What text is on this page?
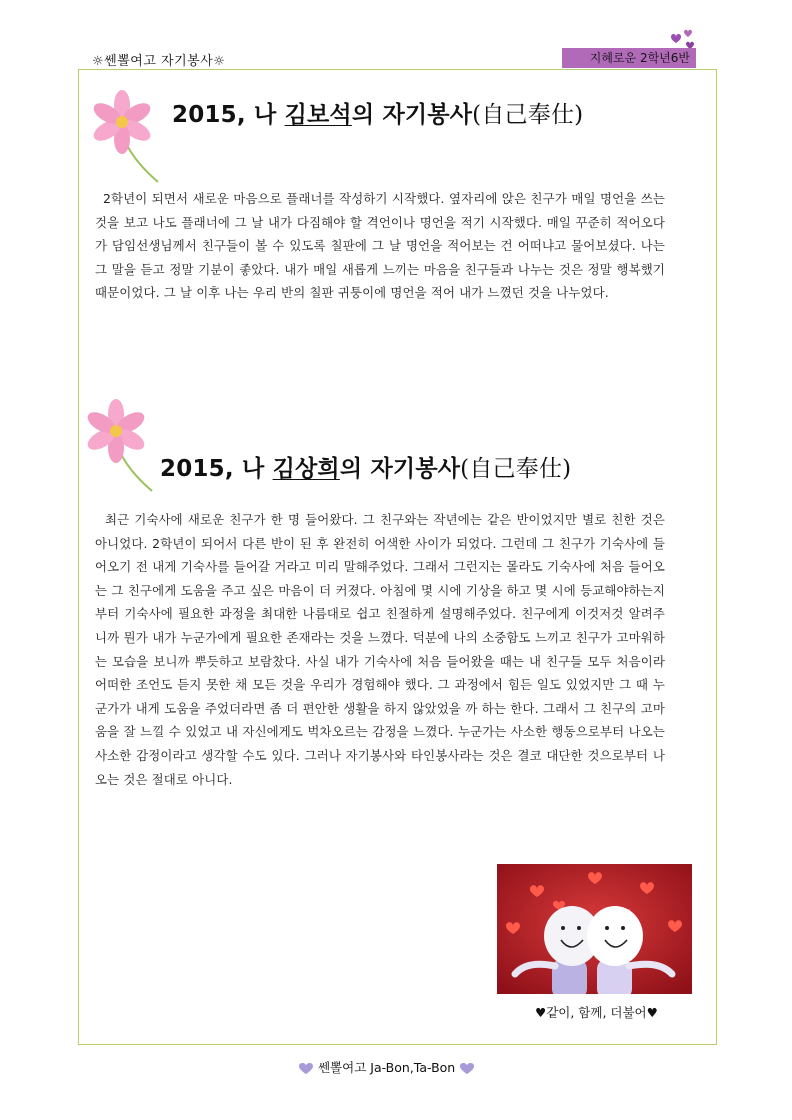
☼쎈뽈여고 자기봉사☼	지혜로운 2학년6반
2015, 나 김보석의 자기봉사(自己奉仕)
2학년이 되면서 새로운 마음으로 플래너를 작성하기 시작했다. 옆자리에 앉은 친구가 매일 명언을 쓰는 것을 보고 나도 플래너에 그 날 내가 다짐해야 할 격언이나 명언을 적기 시작했다. 매일 꾸준히 적어오다가 담임선생님께서 친구들이 볼 수 있도록 칠판에 그 날 명언을 적어보는 건 어떠냐고 물어보셨다. 나는 그 말을 듣고 정말 기분이 좋았다. 내가 매일 새롭게 느끼는 마음을 친구들과 나누는 것은 정말 행복했기 때문이었다. 그 날 이후 나는 우리 반의 칠판 귀퉁이에 명언을 적어 내가 느꼈던 것을 나누었다.
2015, 나 김상희의 자기봉사(自己奉仕)
최근 기숙사에 새로운 친구가 한 명 들어왔다. 그 친구와는 작년에는 같은 반이었지만 별로 친한 것은 아니었다. 2학년이 되어서 다른 반이 된 후 완전히 어색한 사이가 되었다. 그런데 그 친구가 기숙사에 들어오기 전 내게 기숙사를 들어갈 거라고 미리 말해주었다. 그래서 그런지는 몰라도 기숙사에 처음 들어오는 그 친구에게 도움을 주고 싶은 마음이 더 커졌다. 아침에 몇 시에 기상을 하고 몇 시에 등교해야하는지부터 기숙사에 필요한 과정을 최대한 나름대로 쉽고 친절하게 설명해주었다. 친구에게 이것저것 알려주니까 뭔가 내가 누군가에게 필요한 존재라는 것을 느꼈다. 덕분에 나의 소중함도 느끼고 친구가 고마워하는 모습을 보니까 뿌듯하고 보람찼다. 사실 내가 기숙사에 처음 들어왔을 때는 내 친구들 모두 처음이라 어떠한 조언도 듣지 못한 채 모든 것을 우리가 경험해야 했다. 그 과정에서 힘든 일도 있었지만 그 때 누군가가 내게 도움을 주었더라면 좀 더 편안한 생활을 하지 않았었을 까 하는 한다. 그래서 그 친구의 고마움을 잘 느낄 수 있었고 내 자신에게도 벅차오르는 감정을 느꼈다. 누군가는 사소한 행동으로부터 나오는 사소한 감정이라고 생각할 수도 있다. 그러나 자기봉사와 타인봉사라는 것은 결코 대단한 것으로부터 나오는 것은 절대로 아니다.
♥같이, 함께, 더불어♥
쎈뽈여고 Ja-Bon,Ta-Bon
